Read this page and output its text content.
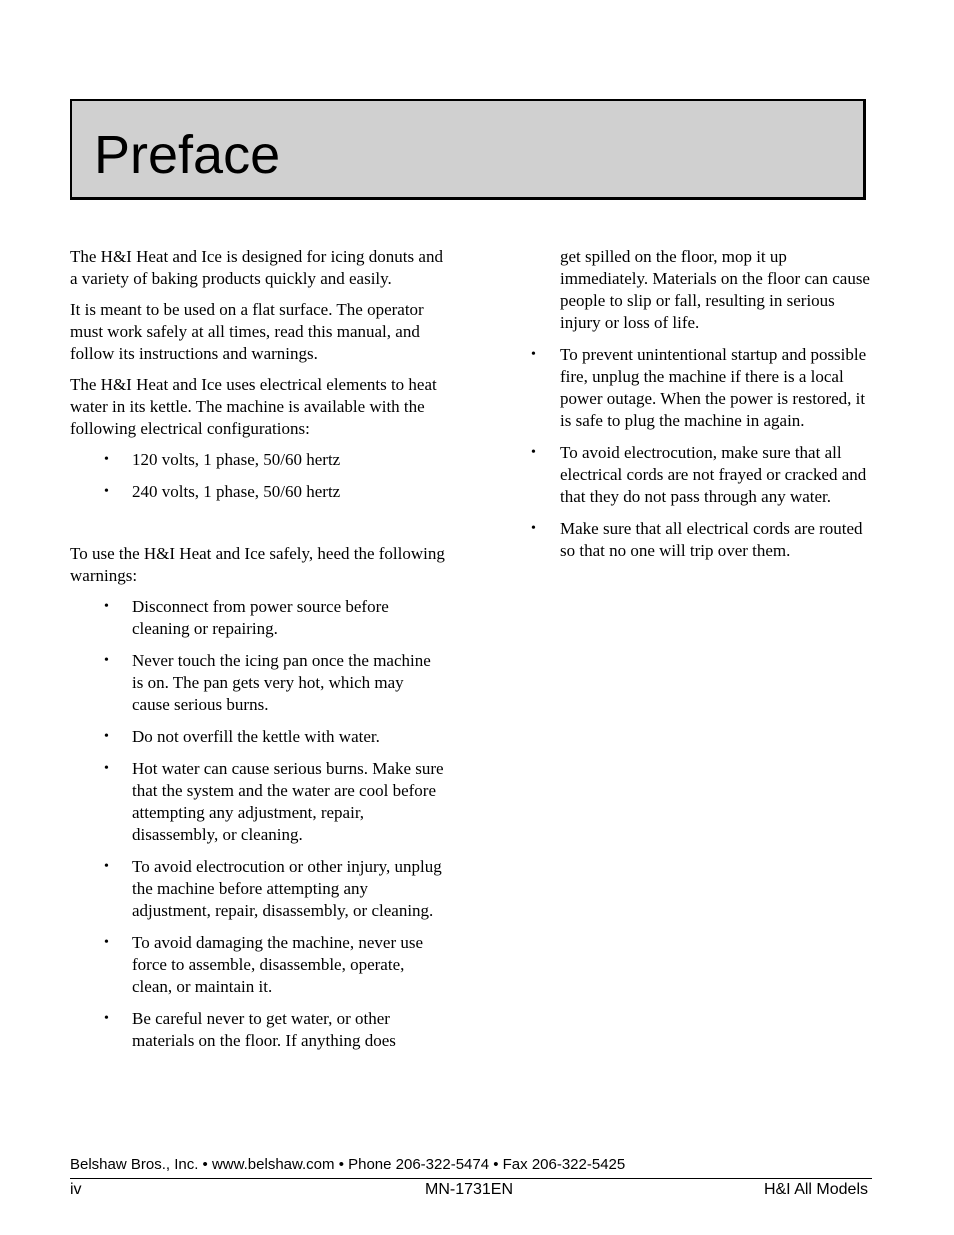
Preface

The H&I Heat and Ice is designed for icing donuts and a variety of baking products quickly and easily.

It is meant to be used on a flat surface. The operator must work safely at all times, read this manual, and follow its instructions and warnings.

The H&I Heat and Ice uses electrical elements to heat water in its kettle. The machine is available with the following electrical configurations:

• 120 volts, 1 phase, 50/60 hertz
• 240 volts, 1 phase, 50/60 hertz

To use the H&I Heat and Ice safely, heed the following warnings:

• Disconnect from power source before cleaning or repairing.
• Never touch the icing pan once the machine is on. The pan gets very hot, which may cause serious burns.
• Do not overfill the kettle with water.
• Hot water can cause serious burns. Make sure that the system and the water are cool before attempting any adjustment, repair, disassembly, or cleaning.
• To avoid electrocution or other injury, unplug the machine before attempting any adjustment, repair, disassembly, or cleaning.
• To avoid damaging the machine, never use force to assemble, disassemble, operate, clean, or maintain it.
• Be careful never to get water, or other materials on the floor. If anything does

get spilled on the floor, mop it up immediately. Materials on the floor can cause people to slip or fall, resulting in serious injury or loss of life.

• To prevent unintentional startup and possible fire, unplug the machine if there is a local power outage. When the power is restored, it is safe to plug the machine in again.
• To avoid electrocution, make sure that all electrical cords are not frayed or cracked and that they do not pass through any water.
• Make sure that all electrical cords are routed so that no one will trip over them.
Belshaw Bros., Inc. • www.belshaw.com • Phone 206-322-5474 • Fax 206-322-5425
MN-1731EN
iv	H&I All Models
